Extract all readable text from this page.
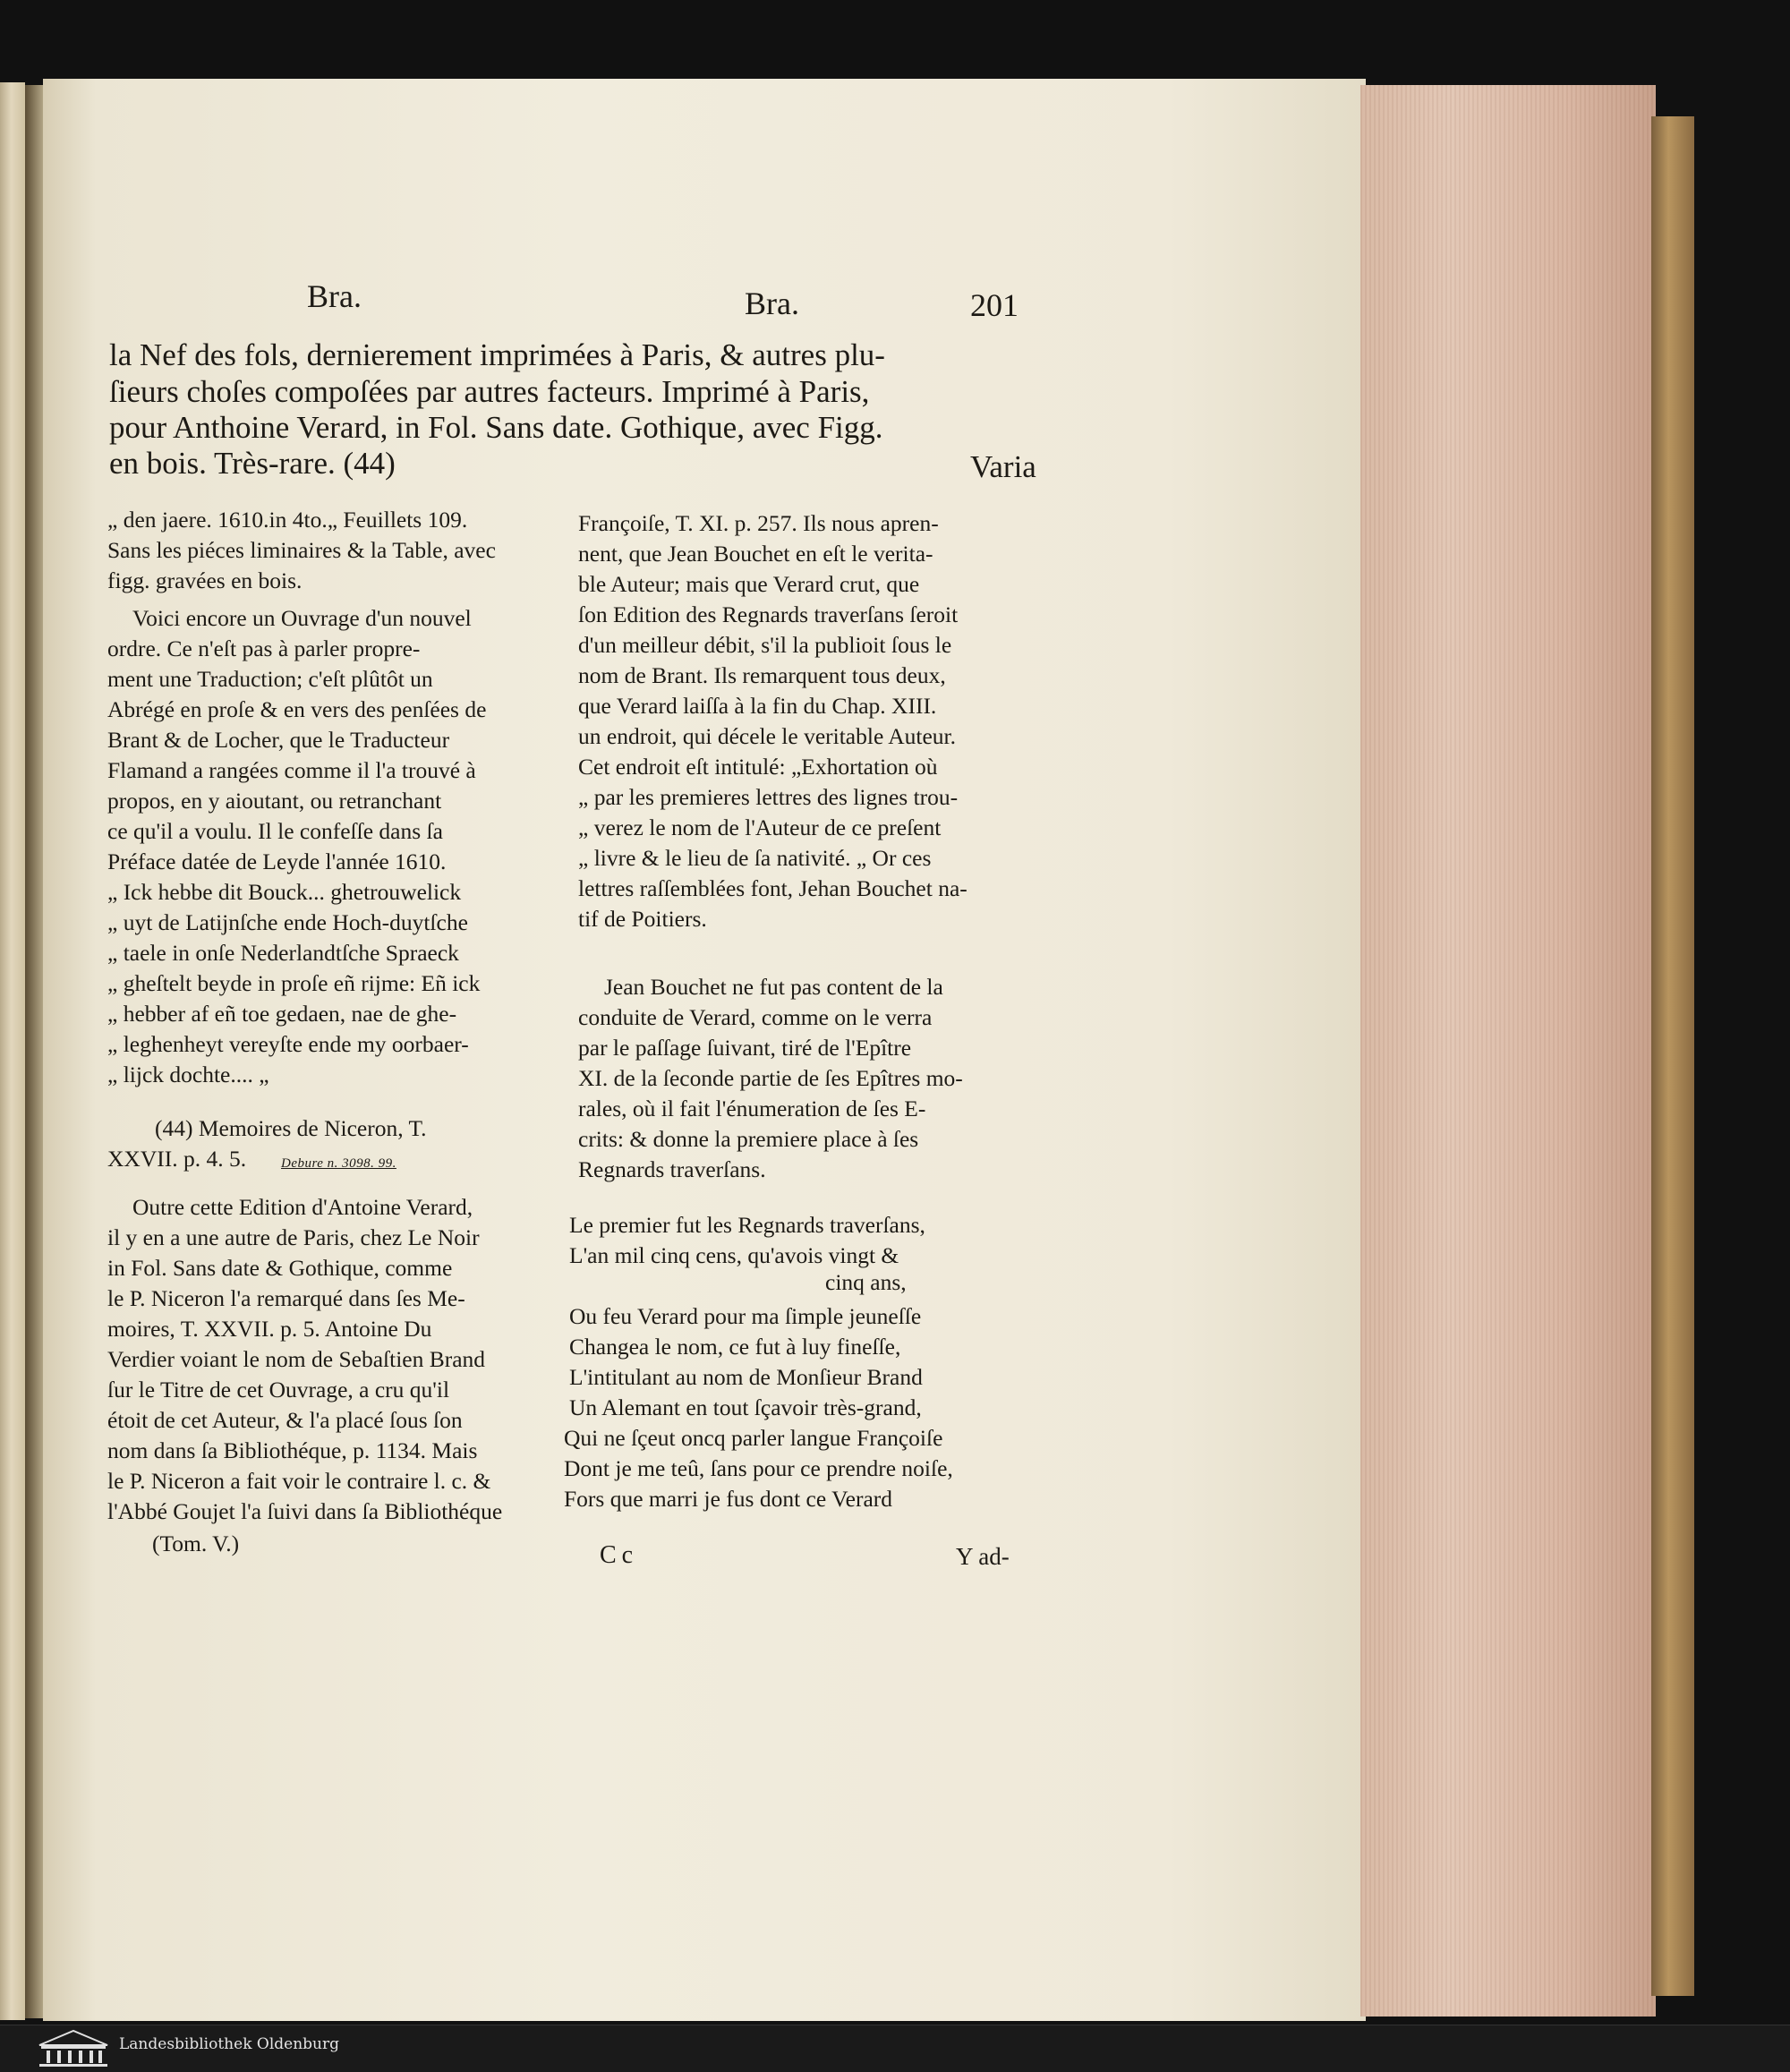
Bra.	Bra.	201

la Nef des fols, dernierement imprimées à Paris, & autres plu-

ſieurs choſes compoſées par autres facteurs. Imprimé à Paris,

pour Anthoine Verard, in Fol. Sans date. Gothique, avec Figg.

en bois. Très-rare. (44)	Varia

„ den jaere. 1610.in 4to.„ Feuillets 109.

Sans les piéces liminaires & la Table, avec

figg. gravées en bois.

Voici encore un Ouvrage d'un nouvel

ordre. Ce n'eſt pas à parler propre-

ment une Traduction; c'eſt plûtôt un

Abrégé en proſe & en vers des penſées de

Brant & de Locher, que le Traducteur

Flamand a rangées comme il l'a trouvé à

propos, en y aioutant, ou retranchant

ce qu'il a voulu. Il le confeſſe dans ſa

Préface datée de Leyde l'année 1610.

„ Ick hebbe dit Bouck... ghetrouwelick

„ uyt de Latijnſche ende Hoch-duytſche

„ taele in onſe Nederlandtſche Spraeck

„ gheſtelt beyde in proſe eñ rijme: Eñ ick

„ hebber af eñ toe gedaen, nae de ghe-

„ leghenheyt vereyſte ende my oorbaer-

„ lijck dochte.... „

(44) Memoires de Niceron, T.

XXVII. p. 4. 5.	Debure n. 3098. 99.

Outre cette Edition d'Antoine Verard,

il y en a une autre de Paris, chez Le Noir

in Fol. Sans date & Gothique, comme

le P. Niceron l'a remarqué dans ſes Me-

moires, T. XXVII. p. 5. Antoine Du

Verdier voiant le nom de Sebaſtien Brand

ſur le Titre de cet Ouvrage, a cru qu'il

étoit de cet Auteur, & l'a placé ſous ſon

nom dans ſa Bibliothéque, p. 1134. Mais

le P. Niceron a fait voir le contraire l. c. &

l'Abbé Goujet l'a ſuivi dans ſa Bibliothéque

(Tom. V.)

Françoiſe, T. XI. p. 257. Ils nous apren-

nent, que Jean Bouchet en eſt le verita-

ble Auteur; mais que Verard crut, que

ſon Edition des Regnards traverſans ſeroit

d'un meilleur débit, s'il la publioit ſous le

nom de Brant. Ils remarquent tous deux,

que Verard laiſſa à la fin du Chap. XIII.

un endroit, qui décele le veritable Auteur.

Cet endroit eſt intitulé: „Exhortation où

„ par les premieres lettres des lignes trou-

„ verez le nom de l'Auteur de ce preſent

„ livre & le lieu de ſa nativité. „ Or ces

lettres raſſemblées font, Jehan Bouchet na-

tif de Poitiers.

Jean Bouchet ne fut pas content de la

conduite de Verard, comme on le verra

par le paſſage ſuivant, tiré de l'Epître

XI. de la ſeconde partie de ſes Epîtres mo-

rales, où il fait l'énumeration de ſes E-

crits: & donne la premiere place à ſes

Regnards traverſans.

Le premier fut les Regnards traverſans,

L'an mil cinq cens, qu'avois vingt &

cinq ans,

Ou feu Verard pour ma ſimple jeuneſſe

Changea le nom, ce fut à luy fineſſe,

L'intitulant au nom de Monſieur Brand

Un Alemant en tout ſçavoir très-grand,

Qui ne ſçeut oncq parler langue Françoiſe

Dont je me teû, ſans pour ce prendre noiſe,

Fors que marri je fus dont ce Verard

Cc	Y ad-

Landesbibliothek Oldenburg
